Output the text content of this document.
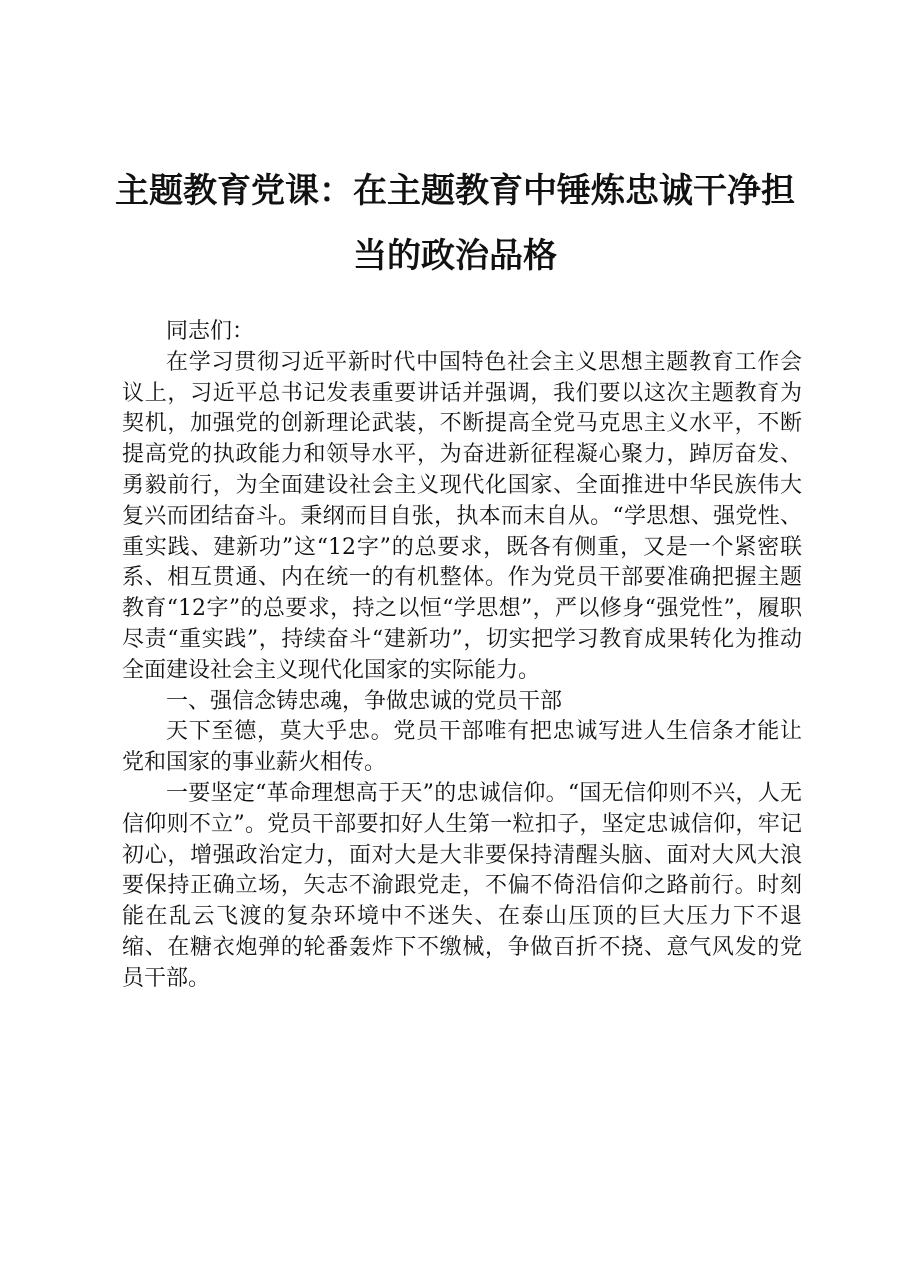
主题教育党课：在主题教育中锤炼忠诚干净担
当的政治品格

同志们：

在学习贯彻习近平新时代中国特色社会主义思想主题教育工作会议上，习近平总书记发表重要讲话并强调，我们要以这次主题教育为契机，加强党的创新理论武装，不断提高全党马克思主义水平，不断提高党的执政能力和领导水平，为奋进新征程凝心聚力，踔厉奋发、勇毅前行，为全面建设社会主义现代化国家、全面推进中华民族伟大复兴而团结奋斗。秉纲而目自张，执本而末自从。“学思想、强党性、重实践、建新功”这“12字”的总要求，既各有侧重，又是一个紧密联系、相互贯通、内在统一的有机整体。作为党员干部要准确把握主题教育“12字”的总要求，持之以恒“学思想”，严以修身“强党性”，履职尽责“重实践”，持续奋斗“建新功”，切实把学习教育成果转化为推动全面建设社会主义现代化国家的实际能力。

一、强信念铸忠魂，争做忠诚的党员干部

天下至德，莫大乎忠。党员干部唯有把忠诚写进人生信条才能让党和国家的事业薪火相传。

一要坚定“革命理想高于天”的忠诚信仰。“国无信仰则不兴，人无信仰则不立”。党员干部要扣好人生第一粒扣子，坚定忠诚信仰，牢记初心，增强政治定力，面对大是大非要保持清醒头脑、面对大风大浪要保持正确立场，矢志不渝跟党走，不偏不倚沿信仰之路前行。时刻能在乱云飞渡的复杂环境中不迷失、在泰山压顶的巨大压力下不退缩、在糖衣炮弹的轮番轰炸下不缴械，争做百折不挠、意气风发的党员干部。
